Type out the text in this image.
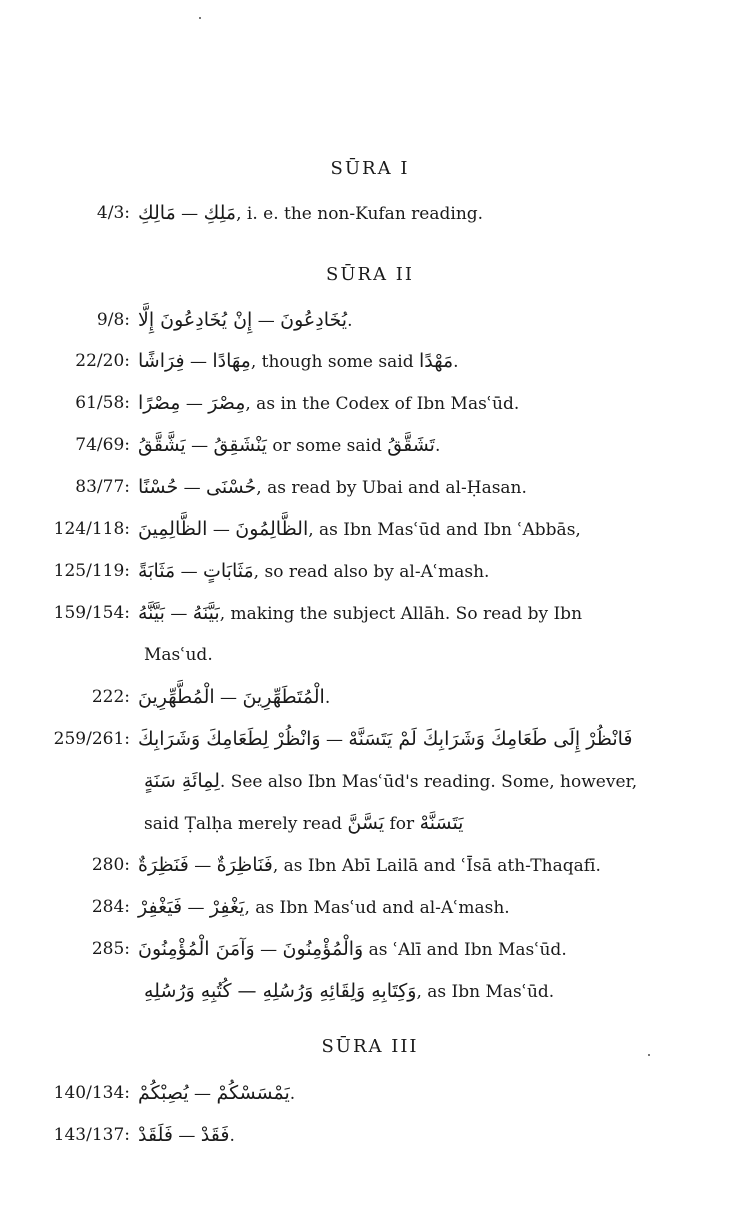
SŪRA I
4/3: مَالِكِ — مَلِكِ, i. e. the non-Kufan reading.
SŪRA II
9/8: إِنْ يُخَادِعُونَ إِلَّا — يُخَادِعُونَ.
22/20: فِرَاشًا — مِهَادًا, though some said مَهْدًا.
61/58: مِصْرًا — مِصْرَ, as in the Codex of Ibn Masʿūd.
74/69: يَشَّقَّقُ — يَنْشَقِقُ or some said تَشَقَّقُ.
83/77: حُسْنًا — حُسْنَى, as read by Ubai and al-Ḥasan.
124/118: الظَّالِمِينَ — الظَّالِمُونَ, as Ibn Masʿūd and Ibn ʿAbbās,
125/119: مَثَابَةً — مَثَابَاتٍ, so read also by al-Aʿmash.
159/154: بَيَّنَّهُ — بَيَّنَهُ, making the subject Allāh. So read by Ibn
Masʿud.
222: الْمُطَّهِّرِينَ — الْمُتَطَهِّرِينَ.
259/261: وَانْظُرْ لِطَعَامِكَ وَشَرَابِكَ — فَانْظُرْ إِلَى طَعَامِكَ وَشَرَابِكَ لَمْ يَتَسَنَّهْ
لِمِائَةِ سَنَةٍ. See also Ibn Masʿūd's reading. Some, however,
said Ṭalḥa merely read يَسَّنَّ for يَتَسَنَّهْ
280: فَنَظِرَةٌ — فَنَاظِرَةٌ, as Ibn Abī Lailā and ʿĪsā ath-Thaqafī.
284: فَيَغْفِرْ — يَغْفِرْ, as Ibn Masʿud and al-Aʿmash.
285: وَآمَنَ الْمُؤْمِنُونَ — وَالْمُؤْمِنُونَ as ʿAlī and Ibn Masʿūd.
وَكِتَابِهِ وَلِقَائِهِ وَرُسُلِهِ — كُتُبِهِ وَرُسُلِهِ, as Ibn Masʿūd.
SŪRA III
140/134: يُصِبْكُمْ — يَمْسَسْكُمْ.
143/137: فَلَقَدْ — فَقَدْ.
